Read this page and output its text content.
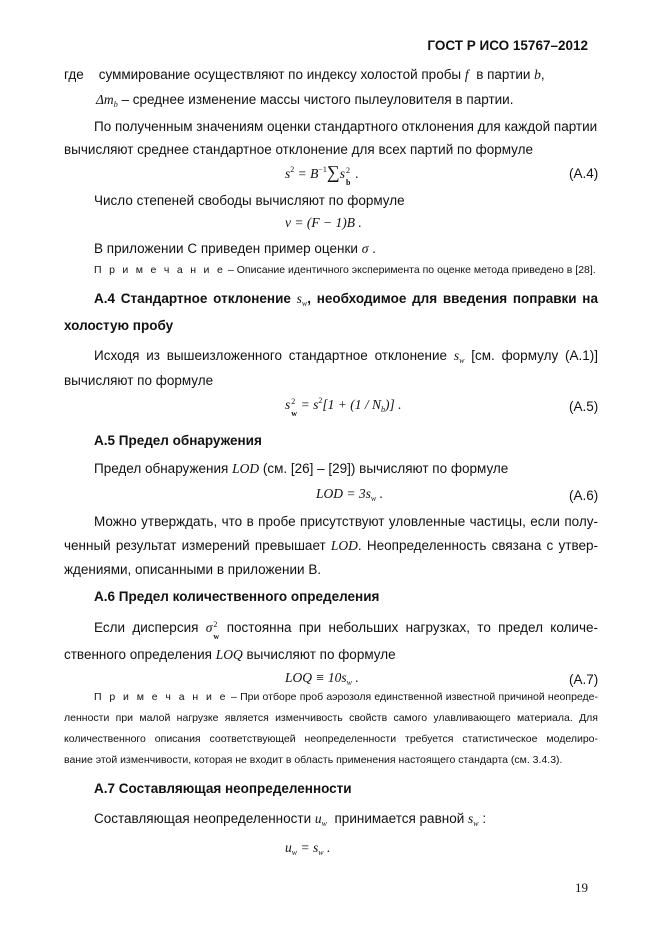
ГОСТ Р ИСО 15767–2012
где суммирование осуществляют по индексу холостой пробы f в партии b,
$\Delta m_b$ – среднее изменение массы чистого пылеуловителя в партии.
По полученным значениям оценки стандартного отклонения для каждой партии
вычисляют среднее стандартное отклонение для всех партий по формуле
$s^2 = B^{-1}\sum s$ 2
b
.	(A.4)
Число степеней свободы вычисляют по формуле
ν = (F − 1)B .
В приложении С приведен пример оценки σ .
П р и м е ч а н и е – Описание идентичного эксперимента по оценке метода приведено в [28].
А.4 Стандартное отклонение $s_w$, необходимое для введения поправки на
холостую пробу
Исходя из вышеизложенного стандартное отклонение $s_w$ [см. формулу (А.1)]
вычисляют по формуле
s 2
w
= $s^2[1 + (1 / N_b)]$ .	(A.5)
А.5 Предел обнаружения
Предел обнаружения LOD (см. [26] – [29]) вычисляют по формуле
LOD = $3s_w$ .	(A.6)
Можно утверждать, что в пробе присутствуют уловленные частицы, если полу-
ченный результат измерений превышает LOD. Неопределенность связана с утвер-
ждениями, описанными в приложении В.
А.6 Предел количественного определения
Если дисперсия σ 2
w
постоянна при небольших нагрузках, то предел количе-
ственного определения LOQ вычисляют по формуле
LOQ ≡ $10s_w$ .	(A.7)
П р и м е ч а н и е – При отборе проб аэрозоля единственной известной причиной неопреде-
ленности при малой нагрузке является изменчивость свойств самого улавливающего материала. Для
количественного описания соответствующей неопределенности требуется статистическое моделиро-
вание этой изменчивости, которая не входит в область применения настоящего стандарта (см. 3.4.3).
А.7 Составляющая неопределенности
Составляющая неопределенности $u_w$ принимается равной $s_w$ :
$u_w = s_w$ .
19
